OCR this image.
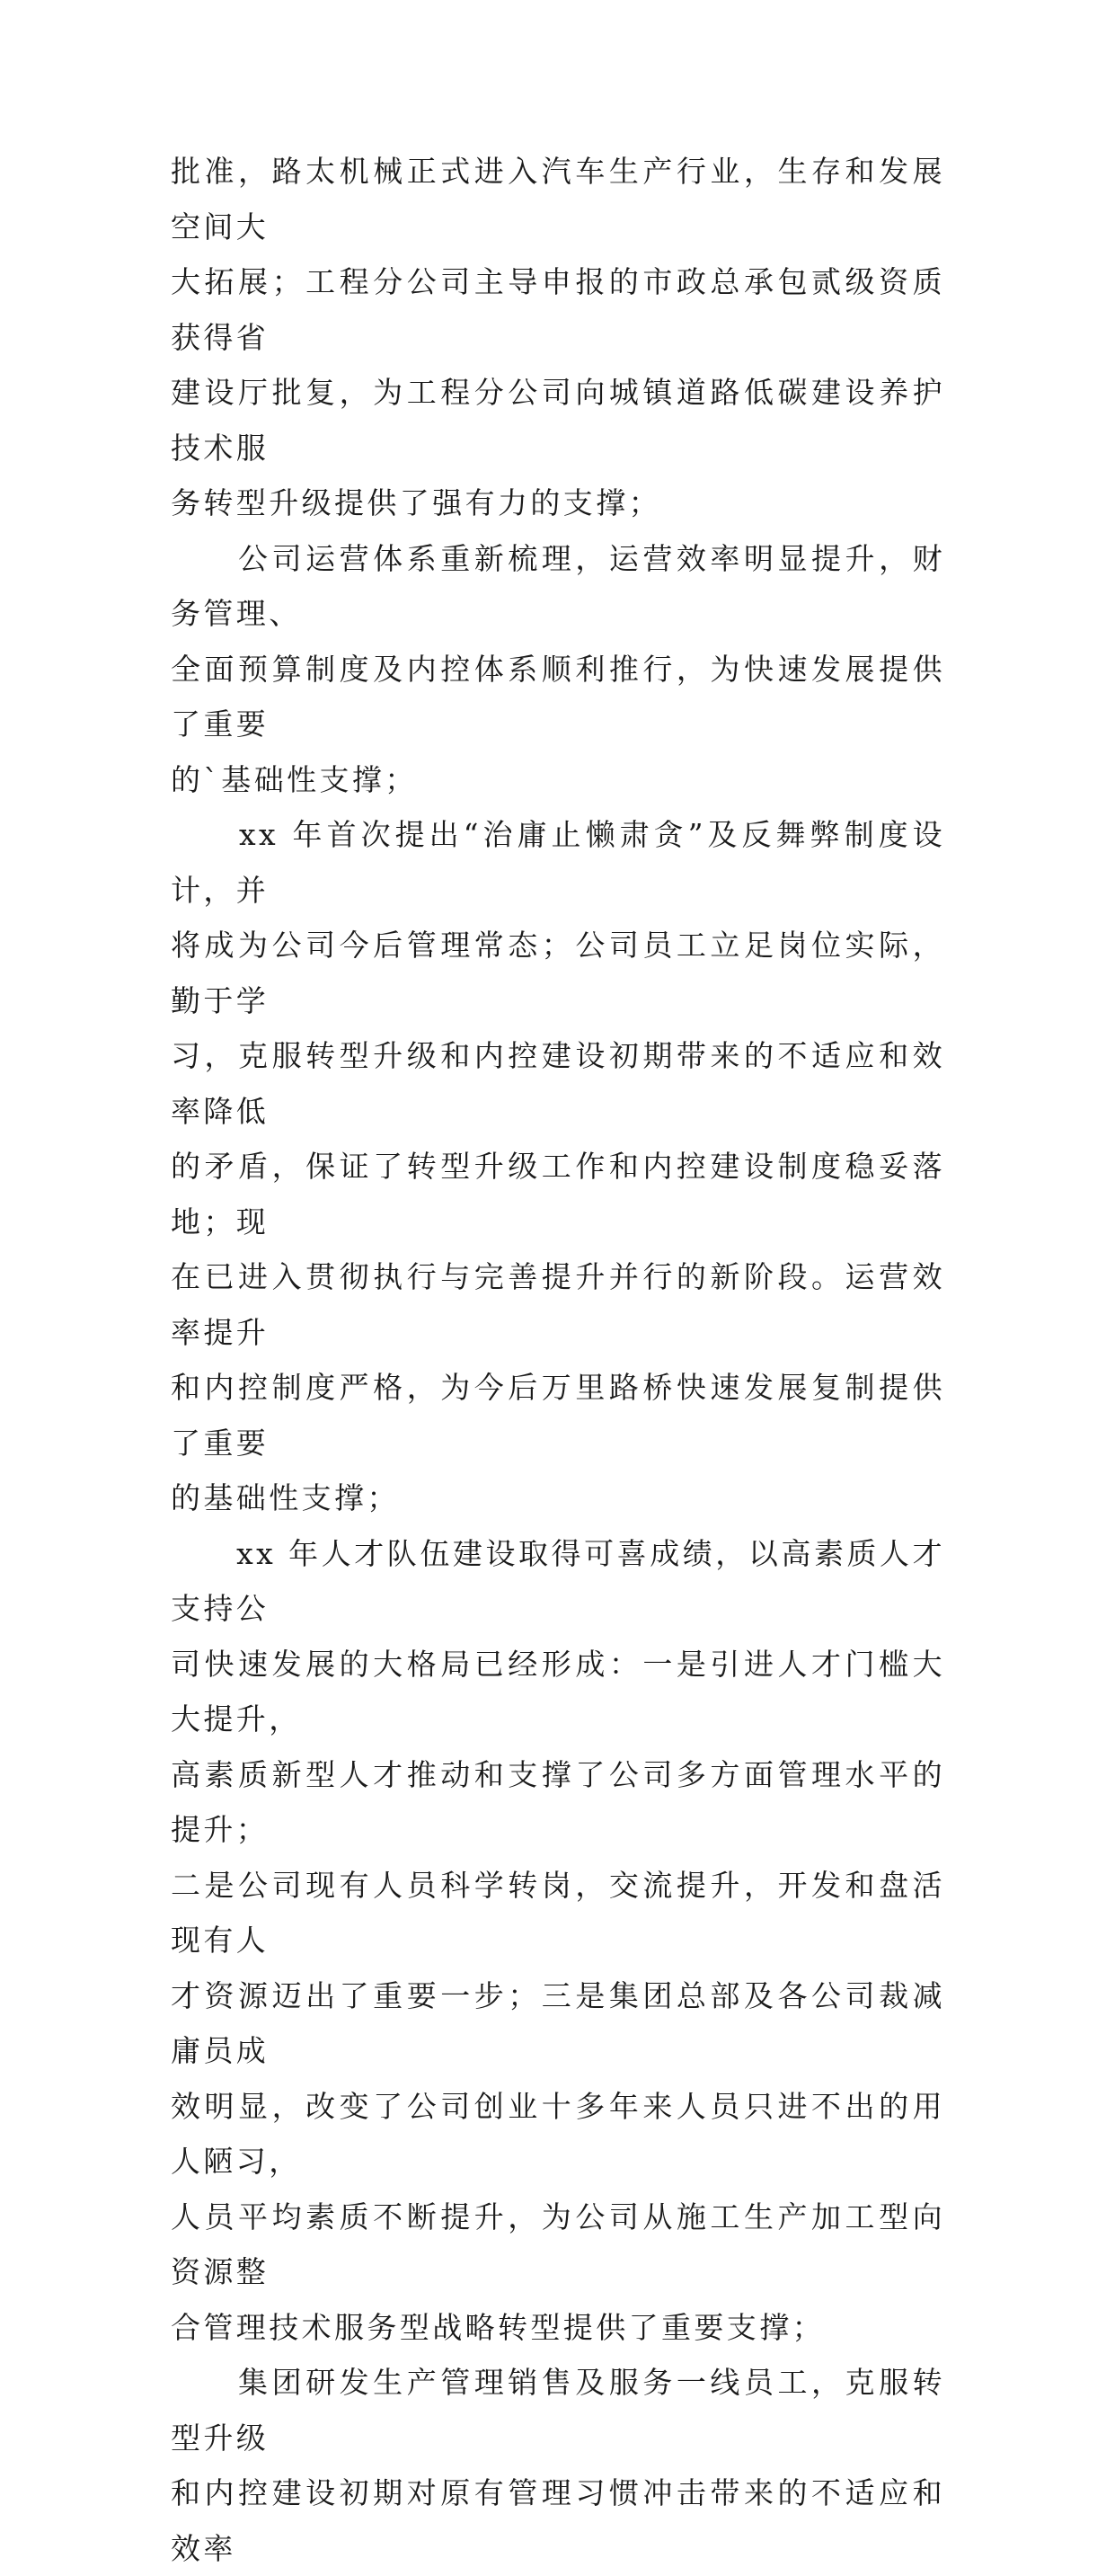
批准，路太机械正式进入汽车生产行业，生存和发展空间大
大拓展；工程分公司主导申报的市政总承包贰级资质获得省
建设厅批复，为工程分公司向城镇道路低碳建设养护技术服
务转型升级提供了强有力的支撑；

　　公司运营体系重新梳理，运营效率明显提升，财务管理、
全面预算制度及内控体系顺利推行，为快速发展提供了重要
的`基础性支撑；

　　xx 年首次提出“治庸止懒肃贪”及反舞弊制度设计，并
将成为公司今后管理常态；公司员工立足岗位实际，勤于学
习，克服转型升级和内控建设初期带来的不适应和效率降低
的矛盾，保证了转型升级工作和内控建设制度稳妥落地；现
在已进入贯彻执行与完善提升并行的新阶段。运营效率提升
和内控制度严格，为今后万里路桥快速发展复制提供了重要
的基础性支撑；

　　xx 年人才队伍建设取得可喜成绩，以高素质人才支持公
司快速发展的大格局已经形成：一是引进人才门槛大大提升，
高素质新型人才推动和支撑了公司多方面管理水平的提升；
二是公司现有人员科学转岗，交流提升，开发和盘活现有人
才资源迈出了重要一步；三是集团总部及各公司裁减庸员成
效明显，改变了公司创业十多年来人员只进不出的用人陋习，
人员平均素质不断提升，为公司从施工生产加工型向资源整
合管理技术服务型战略转型提供了重要支撑；

　　集团研发生产管理销售及服务一线员工，克服转型升级
和内控建设初期对原有管理习惯冲击带来的不适应和效率
